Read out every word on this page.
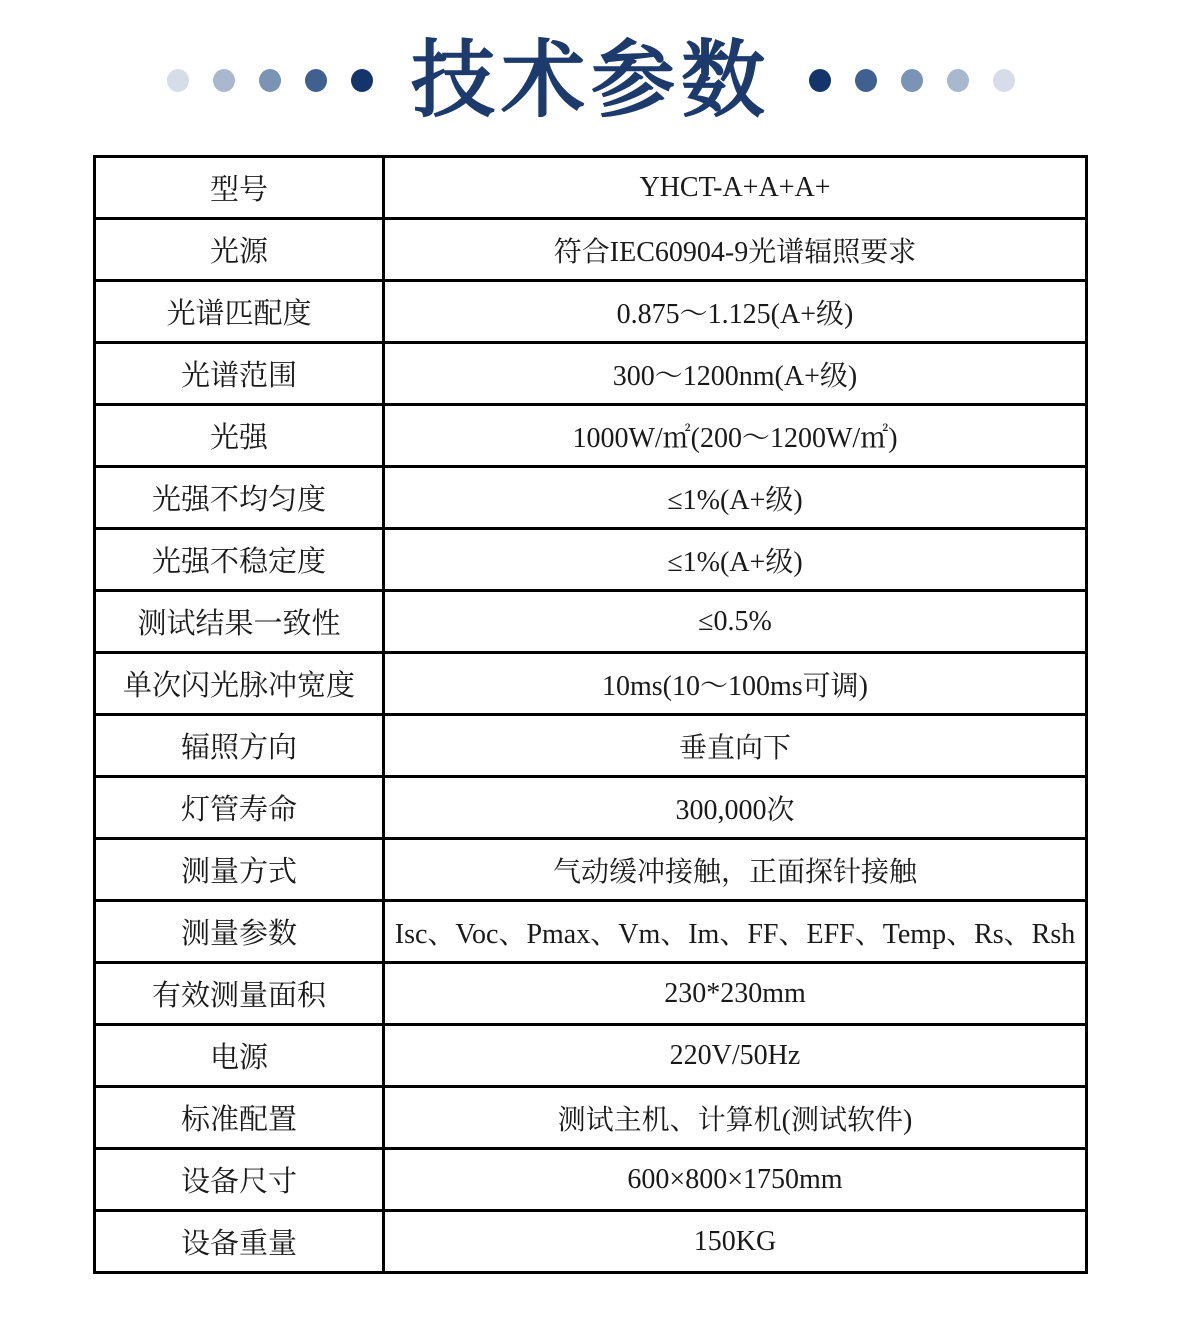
技术参数
型号	YHCT-A+A+A+
光源	符合IEC60904-9光谱辐照要求
光谱匹配度	0.875～1.125(A+级)
光谱范围	300～1200nm(A+级)
光强	1000W/㎡(200～1200W/㎡)
光强不均匀度	≤1%(A+级)
光强不稳定度	≤1%(A+级)
测试结果一致性	≤0.5%
单次闪光脉冲宽度	10ms(10～100ms可调)
辐照方向	垂直向下
灯管寿命	300,000次
测量方式	气动缓冲接触，正面探针接触
测量参数	Isc、Voc、Pmax、Vm、Im、FF、EFF、Temp、Rs、Rsh
有效测量面积	230*230mm
电源	220V/50Hz
标准配置	测试主机、计算机(测试软件)
设备尺寸	600×800×1750mm
设备重量	150KG
